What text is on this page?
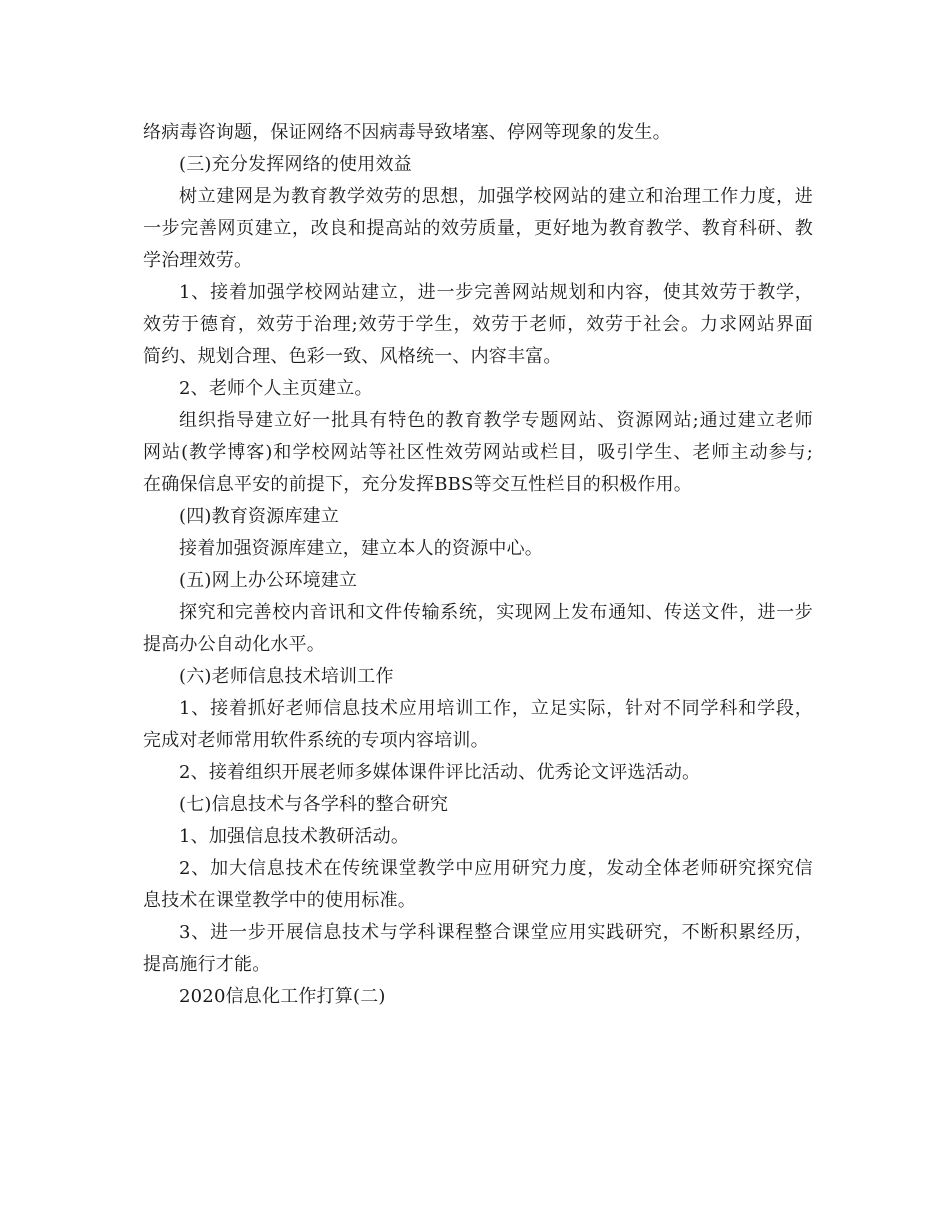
络病毒咨询题，保证网络不因病毒导致堵塞、停网等现象的发生。
(三)充分发挥网络的使用效益
树立建网是为教育教学效劳的思想，加强学校网站的建立和治理工作力度，进
一步完善网页建立，改良和提高站的效劳质量，更好地为教育教学、教育科研、教
学治理效劳。
1、接着加强学校网站建立，进一步完善网站规划和内容，使其效劳于教学，
效劳于德育，效劳于治理;效劳于学生，效劳于老师，效劳于社会。力求网站界面
简约、规划合理、色彩一致、风格统一、内容丰富。
2、老师个人主页建立。
组织指导建立好一批具有特色的教育教学专题网站、资源网站;通过建立老师
网站(教学博客)和学校网站等社区性效劳网站或栏目，吸引学生、老师主动参与;
在确保信息平安的前提下，充分发挥BBS等交互性栏目的积极作用。
(四)教育资源库建立
接着加强资源库建立，建立本人的资源中心。
(五)网上办公环境建立
探究和完善校内音讯和文件传输系统，实现网上发布通知、传送文件，进一步
提高办公自动化水平。
(六)老师信息技术培训工作
1、接着抓好老师信息技术应用培训工作，立足实际，针对不同学科和学段，
完成对老师常用软件系统的专项内容培训。
2、接着组织开展老师多媒体课件评比活动、优秀论文评选活动。
(七)信息技术与各学科的整合研究
1、加强信息技术教研活动。
2、加大信息技术在传统课堂教学中应用研究力度，发动全体老师研究探究信
息技术在课堂教学中的使用标准。
3、进一步开展信息技术与学科课程整合课堂应用实践研究，不断积累经历，
提高施行才能。
2020信息化工作打算(二)
